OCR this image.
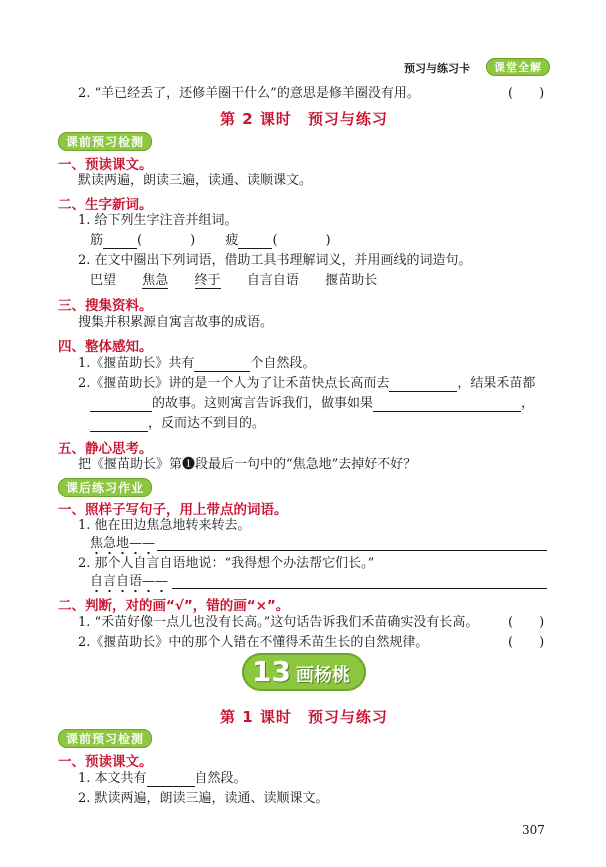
预习与练习卡	课堂全解
2. “羊已经丢了，还修羊圈干什么”的意思是修羊圈没有用。	(　　)
第 2 课时　预习与练习
课前预习检测
一、预读课文。
默读两遍，朗读三遍，读通、读顺课文。
二、生字新词。
1. 给下列生字注音并组词。
筋	(	) 疲	(	)
2. 在文中圈出下列词语，借助工具书理解词义，并用画线的词造句。
巴望 焦急 终于 自言自语 揠苗助长
三、搜集资料。
搜集并积累源自寓言故事的成语。
四、整体感知。
1.《揠苗助长》共有	个自然段。
2.《揠苗助长》讲的是一个人为了让禾苗快点长高而去	，结果禾苗都
的故事。这则寓言告诉我们，做事如果	，
，反而达不到目的。
五、静心思考。
把《揠苗助长》第❶段最后一句中的“焦急地”去掉好不好？
课后练习作业
一、照样子写句子，用上带点的词语。
1. 他在田边焦急地转来转去。
焦急地——
2. 那个人自言自语地说：“我得想个办法帮它们长。”
自言自语——
二、判断，对的画“√”，错的画“×”。
1. “禾苗好像一点儿也没有长高。”这句话告诉我们禾苗确实没有长高。 (　　)
2.《揠苗助长》中的那个人错在不懂得禾苗生长的自然规律。	(　　)
13 画杨桃
第 1 课时　预习与练习
课前预习检测
一、预读课文。
1. 本文共有	自然段。
2. 默读两遍，朗读三遍，读通、读顺课文。
307
